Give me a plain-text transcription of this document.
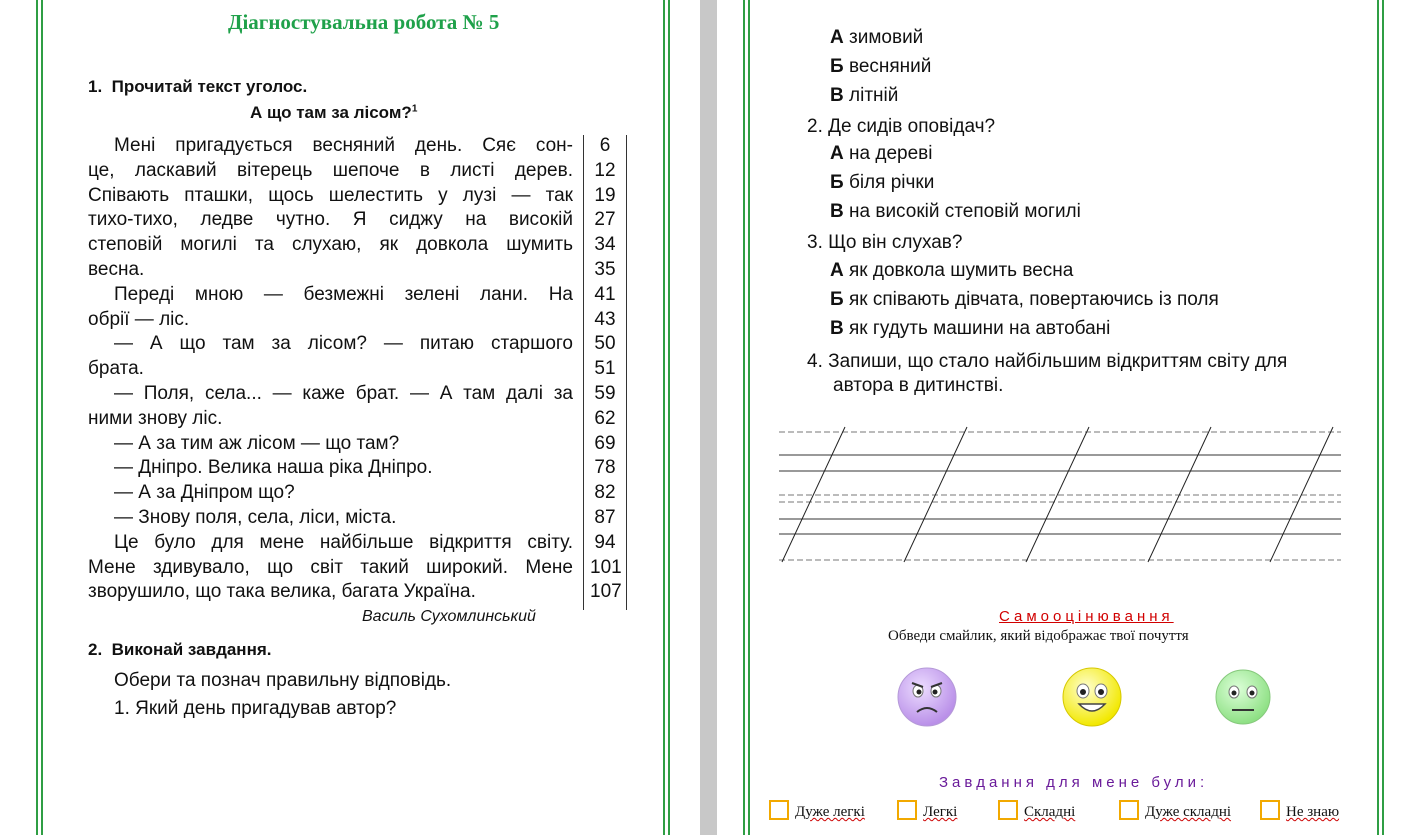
Діагностувальна робота № 5
1. Прочитай текст уголос.
А що там за лісом?$^1$
Мені пригадується весняний день. Сяє сон-	6
це, ласкавий вітерець шепоче в листі дерев. 12
Співають пташки, щось шелестить у лузі — так 19
тихо-тихо, ледве чутно. Я сиджу на високій 27
степовій могилі та слухаю, як довкола шумить 34
весна.	35
Переді мною — безмежні зелені лани. На 41
обрії — ліс.	43
— А що там за лісом? — питаю старшого 50
брата.	51
— Поля, села... — каже брат. — А там далі за 59
ними знову ліс.	62
— А за тим аж лісом — що там?	69
— Дніпро. Велика наша ріка Дніпро.	78
— А за Дніпром що?	82
— Знову поля, села, ліси, міста.	87
Це було для мене найбільше відкриття світу. 94
Мене здивувало, що світ такий широкий. Мене 101
зворушило, що така велика, багата Україна.	107
Василь Сухомлинський
2. Виконай завдання.
Обери та познач правильну відповідь.
1. Який день пригадував автор?
А зимовий
Б весняний
В літній
2. Де сидів оповідач?
А на дереві
Б біля річки
В на високій степовій могилі
3. Що він слухав?
А як довкола шумить весна
Б як співають дівчата, повертаючись із поля
В як гудуть машини на автобані
4. Запиши, що стало найбільшим відкриттям світу для
автора в дитинстві.
Самооцінювання
Обведи смайлик, який відображає твої почуття
Завдання для мене були:
Дуже легкі	Легкі	Складні	Дуже складні	Не знаю
